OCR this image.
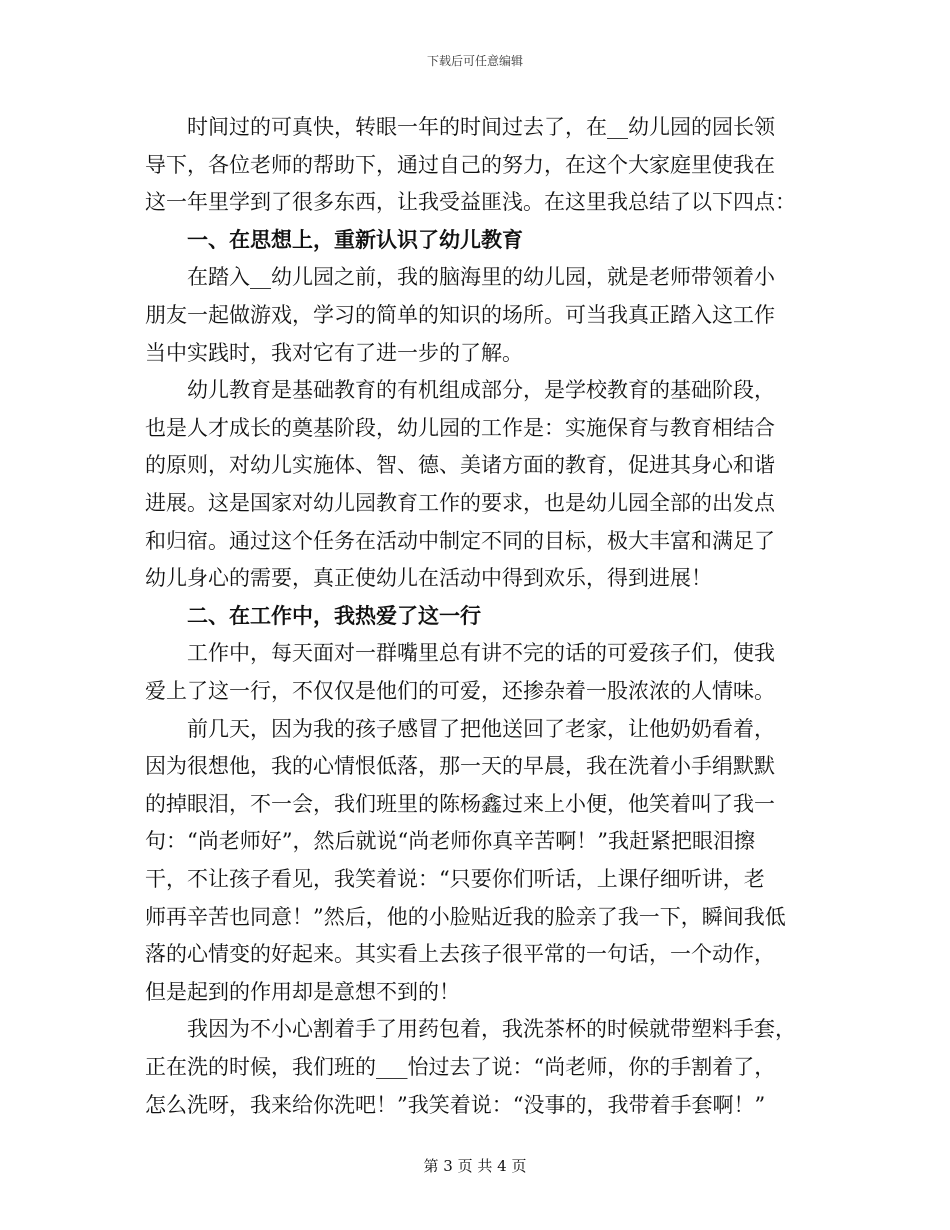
下载后可任意编辑
时间过的可真快，转眼一年的时间过去了，在__幼儿园的园长领
导下，各位老师的帮助下，通过自己的努力，在这个大家庭里使我在
这一年里学到了很多东西，让我受益匪浅。在这里我总结了以下四点：
一、在思想上，重新认识了幼儿教育
在踏入__幼儿园之前，我的脑海里的幼儿园，就是老师带领着小
朋友一起做游戏，学习的简单的知识的场所。可当我真正踏入这工作
当中实践时，我对它有了进一步的了解。
幼儿教育是基础教育的有机组成部分，是学校教育的基础阶段，
也是人才成长的奠基阶段，幼儿园的工作是：实施保育与教育相结合
的原则，对幼儿实施体、智、德、美诸方面的教育，促进其身心和谐
进展。这是国家对幼儿园教育工作的要求，也是幼儿园全部的出发点
和归宿。通过这个任务在活动中制定不同的目标，极大丰富和满足了
幼儿身心的需要，真正使幼儿在活动中得到欢乐，得到进展！
二、在工作中，我热爱了这一行
工作中，每天面对一群嘴里总有讲不完的话的可爱孩子们，使我
爱上了这一行，不仅仅是他们的可爱，还掺杂着一股浓浓的人情味。
前几天，因为我的孩子感冒了把他送回了老家，让他奶奶看着，
因为很想他，我的心情恨低落，那一天的早晨，我在洗着小手绢默默
的掉眼泪，不一会，我们班里的陈杨鑫过来上小便，他笑着叫了我一
句：“尚老师好”，然后就说“尚老师你真辛苦啊！”我赶紧把眼泪擦
干，不让孩子看见，我笑着说：“只要你们听话，上课仔细听讲，老
师再辛苦也同意！”然后，他的小脸贴近我的脸亲了我一下，瞬间我低
落的心情变的好起来。其实看上去孩子很平常的一句话，一个动作，
但是起到的作用却是意想不到的！
我因为不小心割着手了用药包着，我洗茶杯的时候就带塑料手套，
正在洗的时候，我们班的___怡过去了说：“尚老师，你的手割着了，
怎么洗呀，我来给你洗吧！”我笑着说：“没事的，我带着手套啊！”
第 3 页 共 4 页
